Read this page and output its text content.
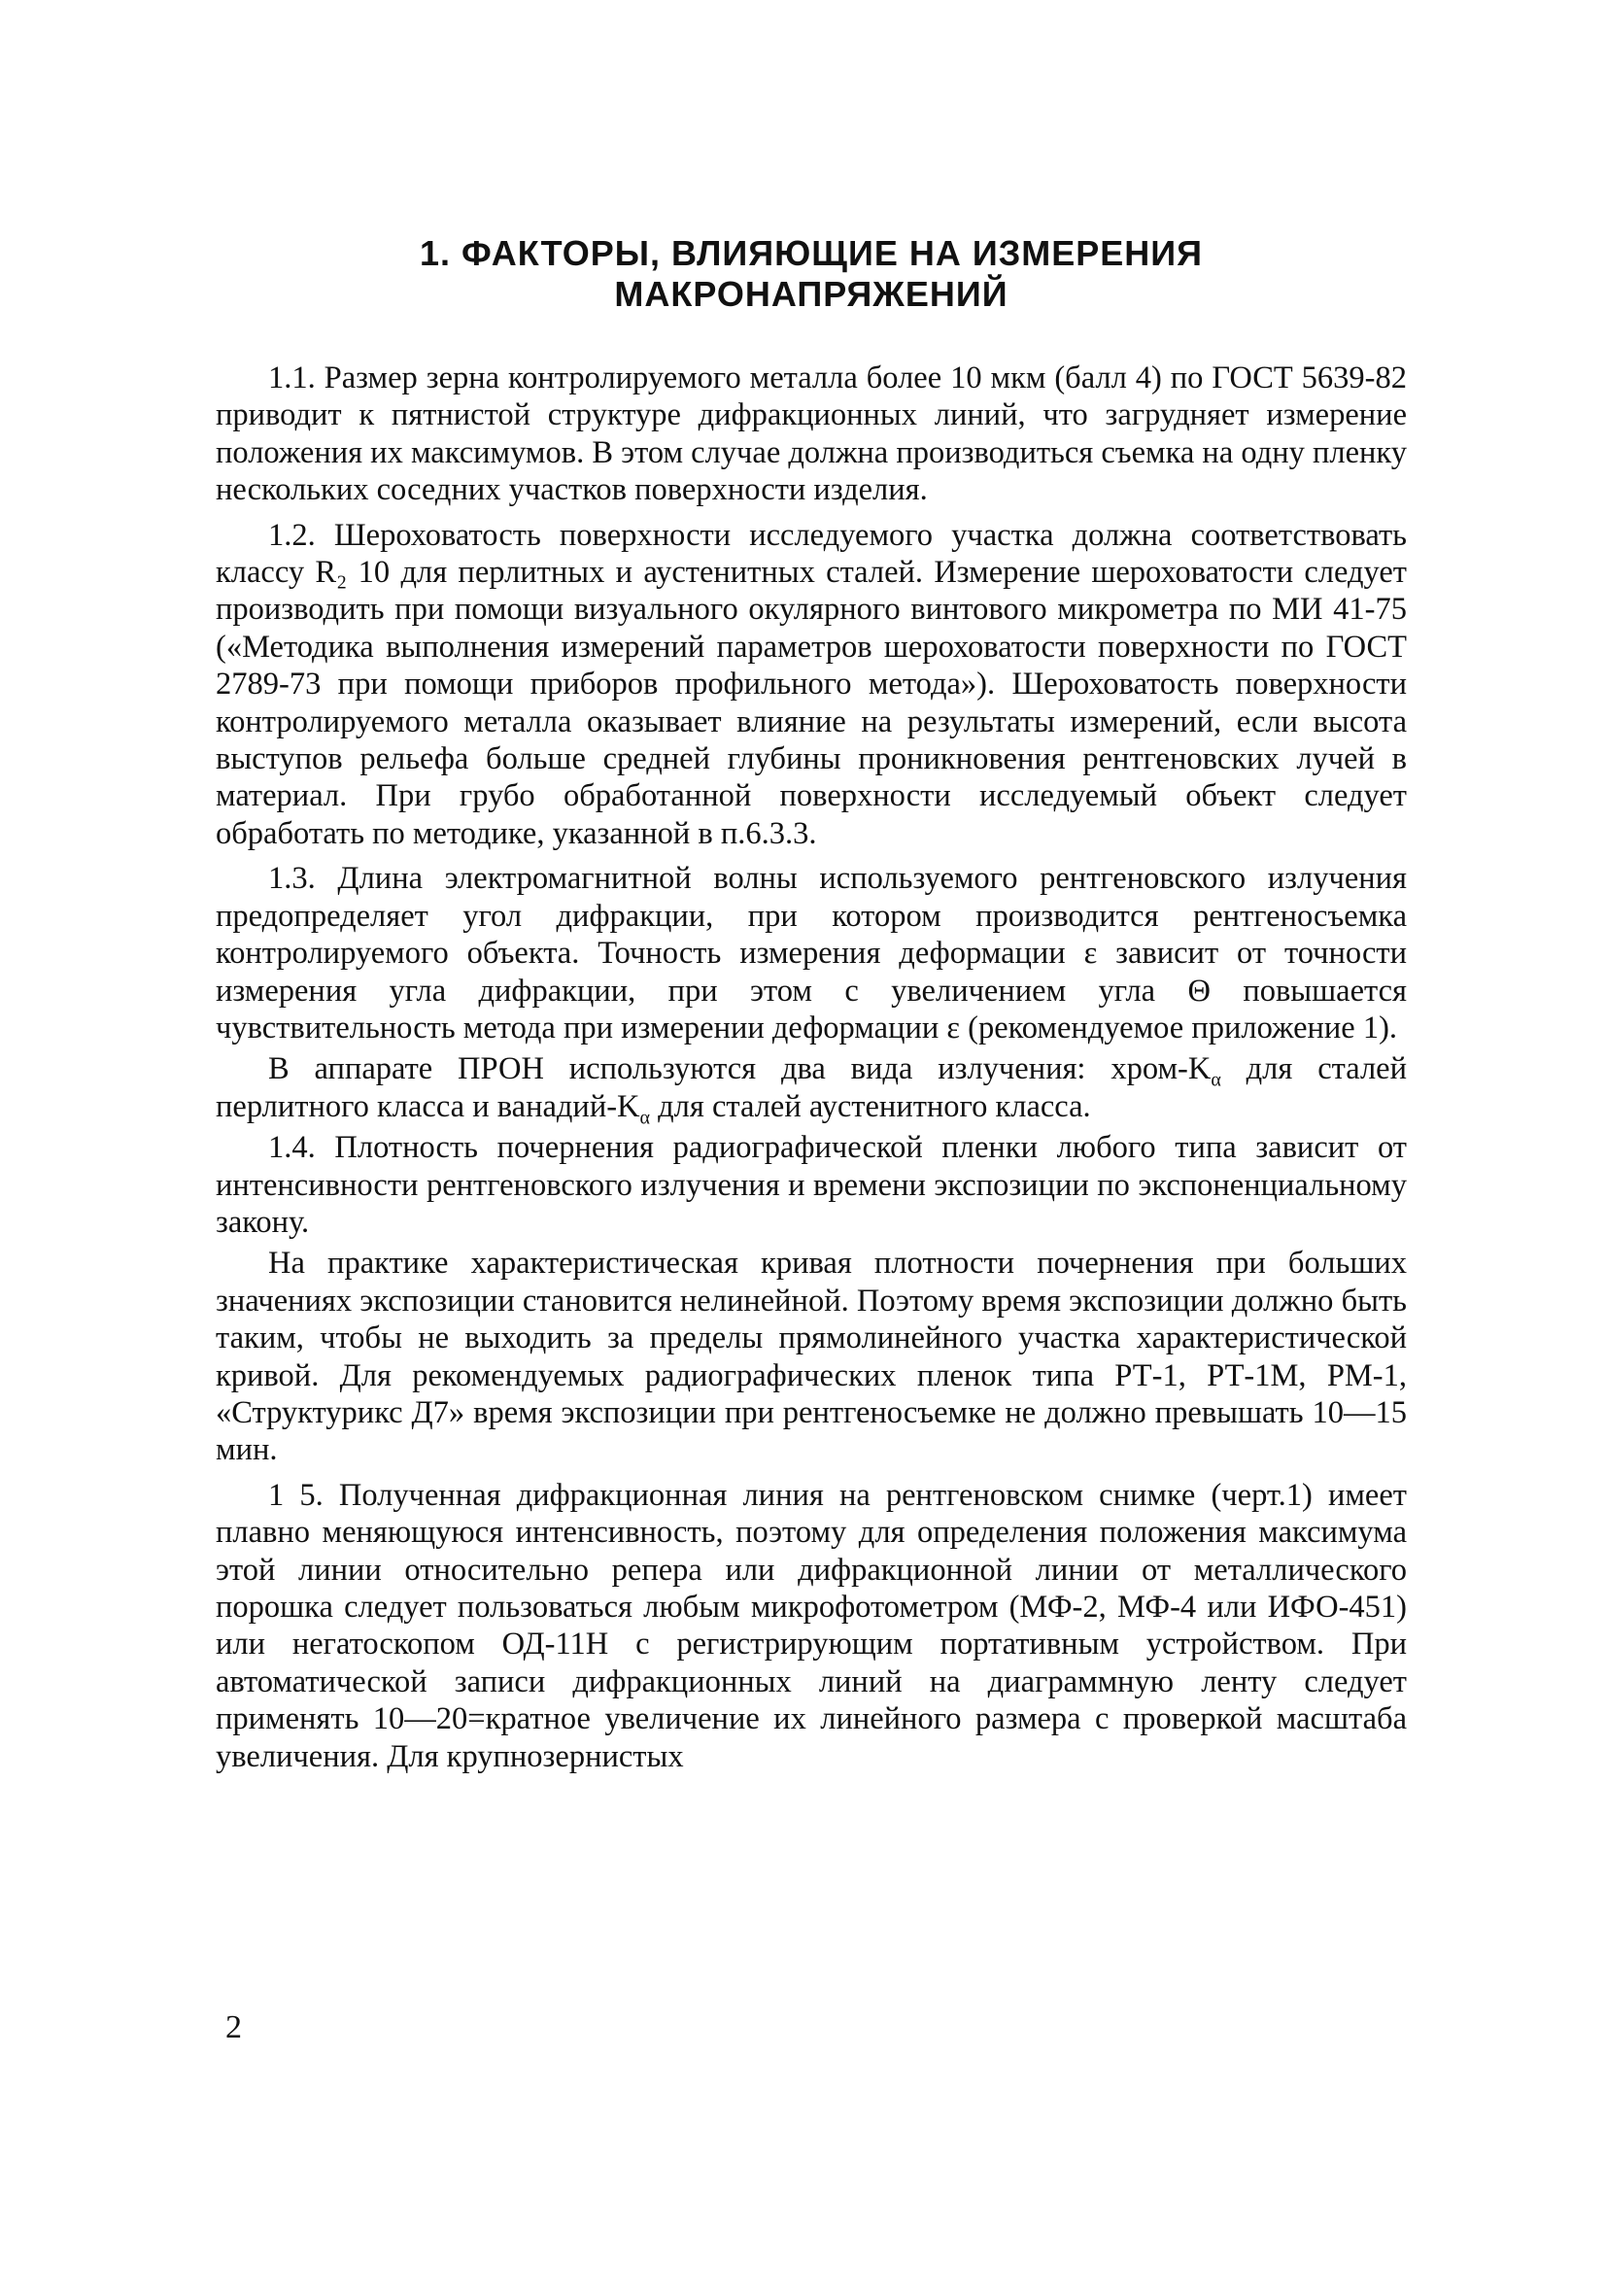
1. ФАКТОРЫ, ВЛИЯЮЩИЕ НА ИЗМЕРЕНИЯ
МАКРОНАПРЯЖЕНИЙ

1.1. Размер зерна контролируемого металла более 10 мкм (балл 4) по ГОСТ 5639-82 приводит к пятнистой структуре дифракционных линий, что загрудняет измерение положения их максимумов. В этом случае должна производиться съемка на одну пленку нескольких соседних участков поверхности изделия.

1.2. Шероховатость поверхности исследуемого участка должна соответствовать классу R₂ 10 для перлитных и аустенитных сталей. Измерение шероховатости следует производить при помощи визуального окулярного винтового микрометра по МИ 41-75 («Методика выполнения измерений параметров шероховатости поверхности по ГОСТ 2789-73 при помощи приборов профильного метода»). Шероховатость поверхности контролируемого металла оказывает влияние на результаты измерений, если высота выступов рельефа больше средней глубины проникновения рентгеновских лучей в материал. При грубо обработанной поверхности исследуемый объект следует обработать по методике, указанной в п.6.3.3.

1.3. Длина электромагнитной волны используемого рентгеновского излучения предопределяет угол дифракции, при котором производится рентгеносъемка контролируемого объекта. Точность измерения деформации ε зависит от точности измерения угла дифракции, при этом с увеличением угла Θ повышается чувствительность метода при измерении деформации ε (рекомендуемое приложение 1).

В аппарате ПРОН используются два вида излучения: хром-$K_\alpha$ для сталей перлитного класса и ванадий-$K_\alpha$ для сталей аустенитного класса.

1.4. Плотность почернения радиографической пленки любого типа зависит от интенсивности рентгеновского излучения и времени экспозиции по экспоненциальному закону.

На практике характеристическая кривая плотности почернения при больших значениях экспозиции становится нелинейной. Поэтому время экспозиции должно быть таким, чтобы не выходить за пределы прямолинейного участка характеристической кривой. Для рекомендуемых радиографических пленок типа РТ-1, РТ-1М, РМ-1, «Структурикс Д7» время экспозиции при рентгеносъемке не должно превышать 10—15 мин.

1 5. Полученная дифракционная линия на рентгеновском снимке (черт.1) имеет плавно меняющуюся интенсивность, поэтому для определения положения максимума этой линии относительно репера или дифракционной линии от металлического порошка следует пользоваться любым микрофотометром (МФ-2, МФ-4 или ИФО-451) или негатоскопом ОД-11Н с регистрирующим портативным устройством. При автоматической записи дифракционных линий на диаграммную ленту следует применять 10—20=кратное увеличение их линейного размера с проверкой масштаба увеличения. Для крупнозернистых

2
